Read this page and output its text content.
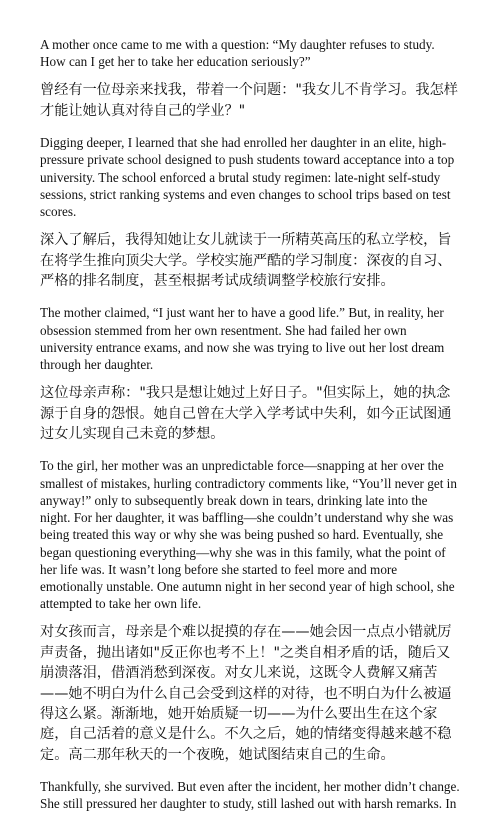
A mother once came to me with a question: “My daughter refuses to study. How can I get her to take her education seriously?”

曾经有一位母亲来找我，带着一个问题："我女儿不肯学习。我怎样才能让她认真对待自己的学业？"

Digging deeper, I learned that she had enrolled her daughter in an elite, high-pressure private school designed to push students toward acceptance into a top university. The school enforced a brutal study regimen: late-night self-study sessions, strict ranking systems and even changes to school trips based on test scores.

深入了解后，我得知她让女儿就读于一所精英高压的私立学校，旨在将学生推向顶尖大学。学校实施严酷的学习制度：深夜的自习、严格的排名制度，甚至根据考试成绩调整学校旅行安排。

The mother claimed, “I just want her to have a good life.” But, in reality, her obsession stemmed from her own resentment. She had failed her own university entrance exams, and now she was trying to live out her lost dream through her daughter.

这位母亲声称："我只是想让她过上好日子。"但实际上，她的执念源于自身的怨恨。她自己曾在大学入学考试中失利，如今正试图通过女儿实现自己未竟的梦想。

To the girl, her mother was an unpredictable force—snapping at her over the smallest of mistakes, hurling contradictory comments like, “You’ll never get in anyway!” only to subsequently break down in tears, drinking late into the night. For her daughter, it was baffling—she couldn’t understand why she was being treated this way or why she was being pushed so hard. Eventually, she began questioning everything—why she was in this family, what the point of her life was. It wasn’t long before she started to feel more and more emotionally unstable. One autumn night in her second year of high school, she attempted to take her own life.

对女孩而言，母亲是个难以捉摸的存在——她会因一点点小错就厉声责备，抛出诸如"反正你也考不上！"之类自相矛盾的话，随后又崩溃落泪，借酒消愁到深夜。对女儿来说，这既令人费解又痛苦——她不明白为什么自己会受到这样的对待，也不明白为什么被逼得这么紧。渐渐地，她开始质疑一切——为什么要出生在这个家庭，自己活着的意义是什么。不久之后，她的情绪变得越来越不稳定。高二那年秋天的一个夜晚，她试图结束自己的生命。

Thankfully, she survived. But even after the incident, her mother didn’t change. She still pressured her daughter to study, still lashed out with harsh remarks. In
